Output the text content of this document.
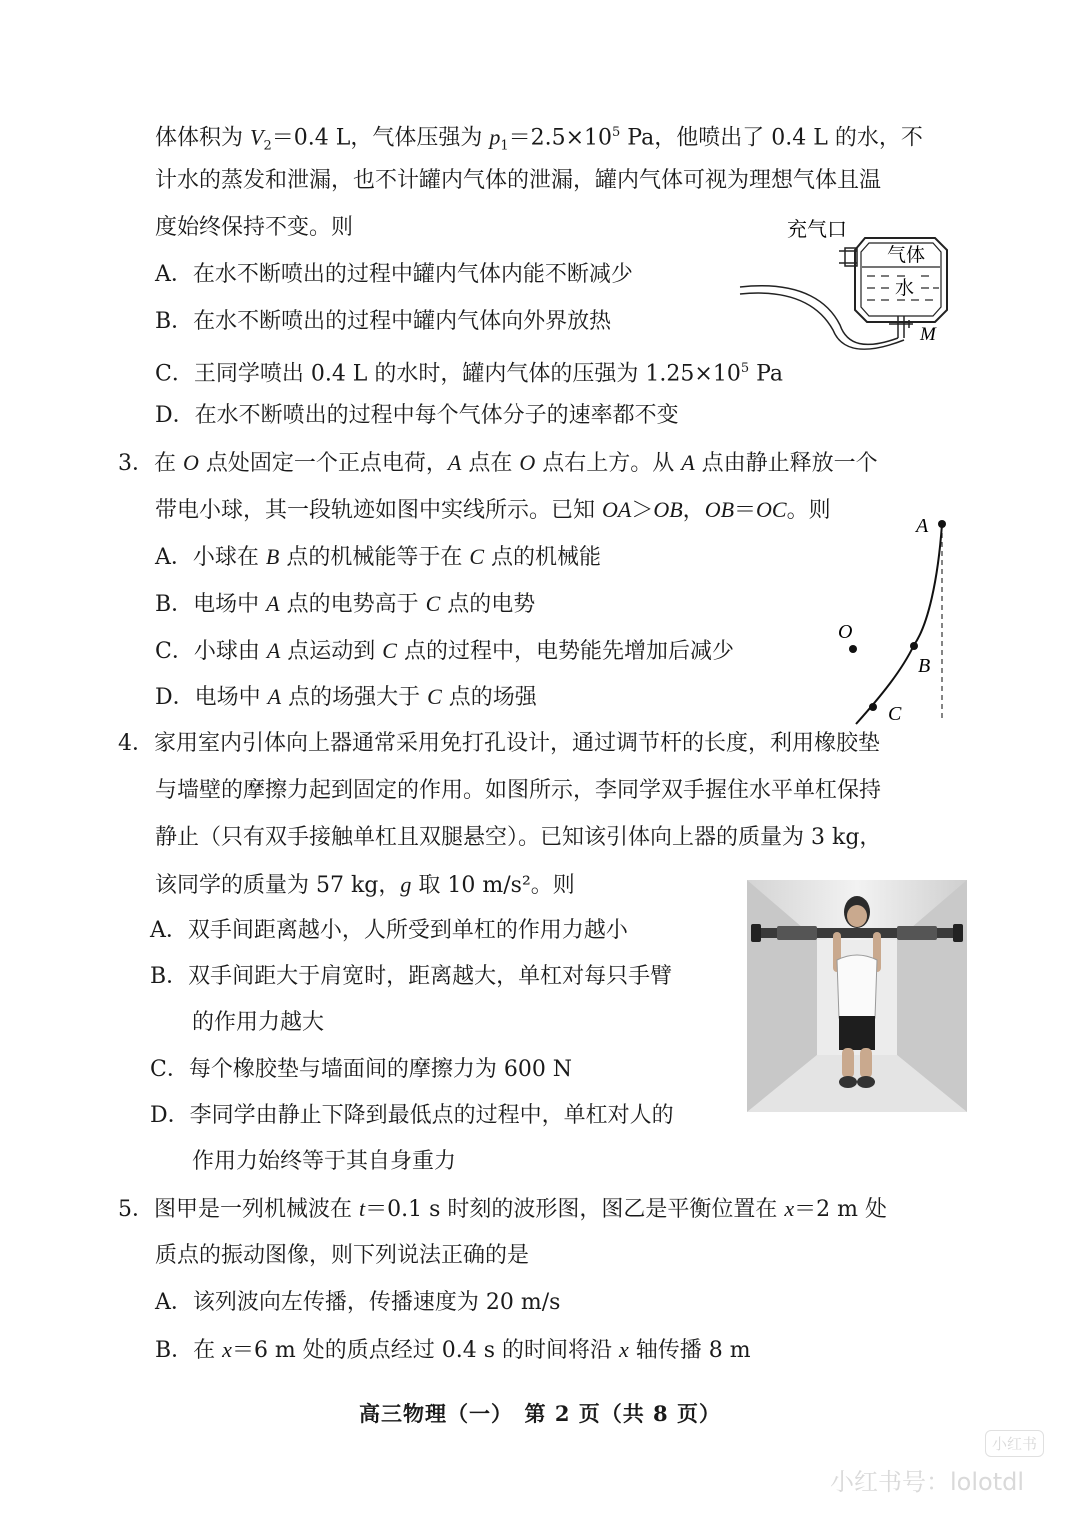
体体积为 $V_2=0.4$ L，气体压强为 $p_1=2.5\times 10^5$ Pa，他喷出了 0.4 L 的水，不
计水的蒸发和泄漏，也不计罐内气体的泄漏，罐内气体可视为理想气体且温
度始终保持不变。则
A．在水不断喷出的过程中罐内气体内能不断减少
B．在水不断喷出的过程中罐内气体向外界放热
C．王同学喷出 0.4 L 的水时，罐内气体的压强为 $1.25\times 10^5$ Pa
D．在水不断喷出的过程中每个气体分子的速率都不变
充气口
气体
水
M
3．在 O 点处固定一个正点电荷，A 点在 O 点右上方。从 A 点由静止释放一个
带电小球，其一段轨迹如图中实线所示。已知 OA＞OB，OB＝OC。则
A．小球在 B 点的机械能等于在 C 点的机械能
B．电场中 A 点的电势高于 C 点的电势
C．小球由 A 点运动到 C 点的过程中，电势能先增加后减少
D．电场中 A 点的场强大于 C 点的场强
A
B
C
O
4．家用室内引体向上器通常采用免打孔设计，通过调节杆的长度，利用橡胶垫
与墙壁的摩擦力起到固定的作用。如图所示，李同学双手握住水平单杠保持
静止（只有双手接触单杠且双腿悬空）。已知该引体向上器的质量为 3 kg，
该同学的质量为 57 kg，g 取 10 m/s²。则
A．双手间距离越小，人所受到单杠的作用力越小
B．双手间距大于肩宽时，距离越大，单杠对每只手臂
的作用力越大
C．每个橡胶垫与墙面间的摩擦力为 600 N
D．李同学由静止下降到最低点的过程中，单杠对人的
作用力始终等于其自身重力
5．图甲是一列机械波在 t＝0.1 s 时刻的波形图，图乙是平衡位置在 x＝2 m 处
质点的振动图像，则下列说法正确的是
A．该列波向左传播，传播速度为 20 m/s
B．在 x＝6 m 处的质点经过 0.4 s 的时间将沿 x 轴传播 8 m
高三物理（一）　第 2 页（共 8 页）
小红书
小红书号：lolotdl
